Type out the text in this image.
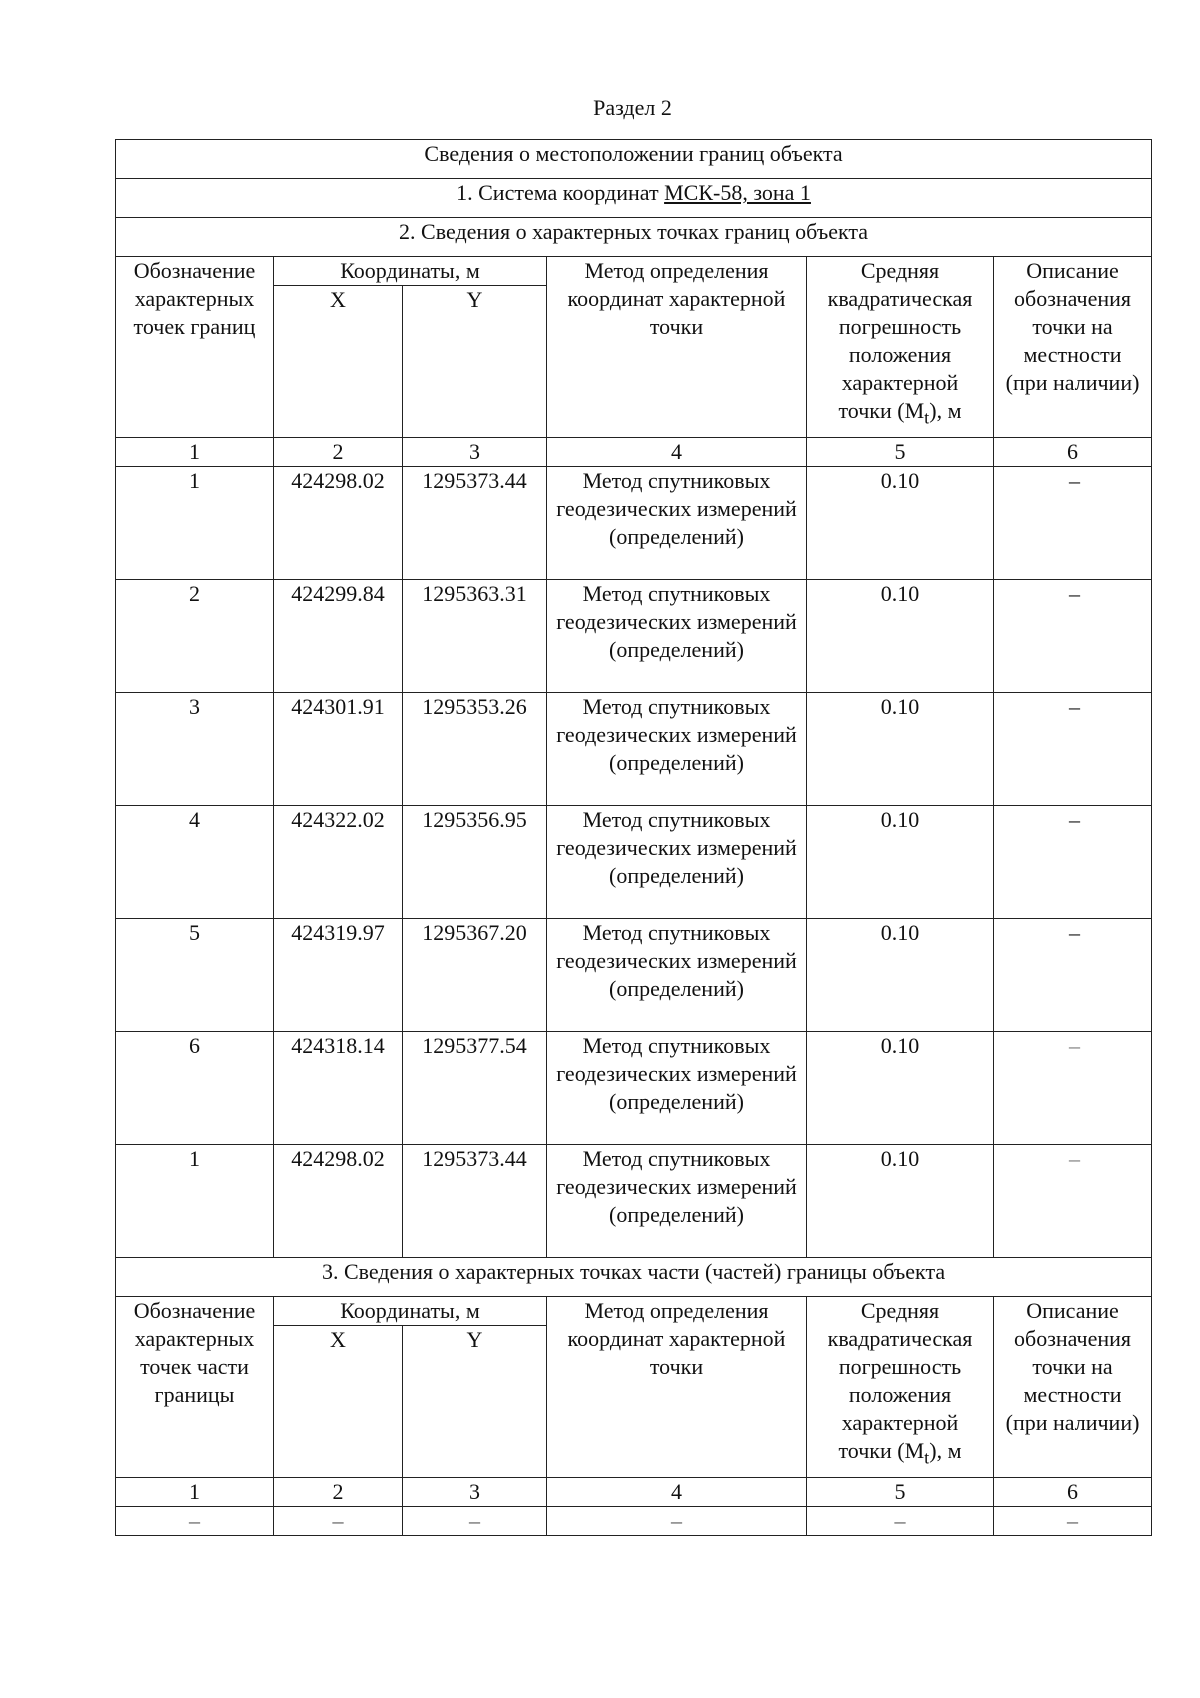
Раздел 2
Сведения о местоположении границ объекта					
1. Система координат МСК-58, зона 1					
2. Сведения о характерных точках границ объекта					
Обозначение характерных точек границ	Координаты, м		Метод определения координат характерной точки	Средняя квадратическая погрешность положения характерной точки $(M_t)$, м	Описание обозначения точки на местности (при наличии)
	X	Y			
1	2	3	4	5	6
1	424298.02	1295373.44	Метод спутниковых геодезических измерений (определений)	0.10	–
2	424299.84	1295363.31	Метод спутниковых геодезических измерений (определений)	0.10	–
3	424301.91	1295353.26	Метод спутниковых геодезических измерений (определений)	0.10	–
4	424322.02	1295356.95	Метод спутниковых геодезических измерений (определений)	0.10	–
5	424319.97	1295367.20	Метод спутниковых геодезических измерений (определений)	0.10	–
6	424318.14	1295377.54	Метод спутниковых геодезических измерений (определений)	0.10	–
1	424298.02	1295373.44	Метод спутниковых геодезических измерений (определений)	0.10	–
3. Сведения о характерных точках части (частей) границы объекта					
Обозначение характерных точек части границы	Координаты, м		Метод определения координат характерной точки	Средняя квадратическая погрешность положения характерной точки $(M_t)$, м	Описание обозначения точки на местности (при наличии)
	X	Y			
1	2	3	4	5	6
–	–	–	–	–	–
